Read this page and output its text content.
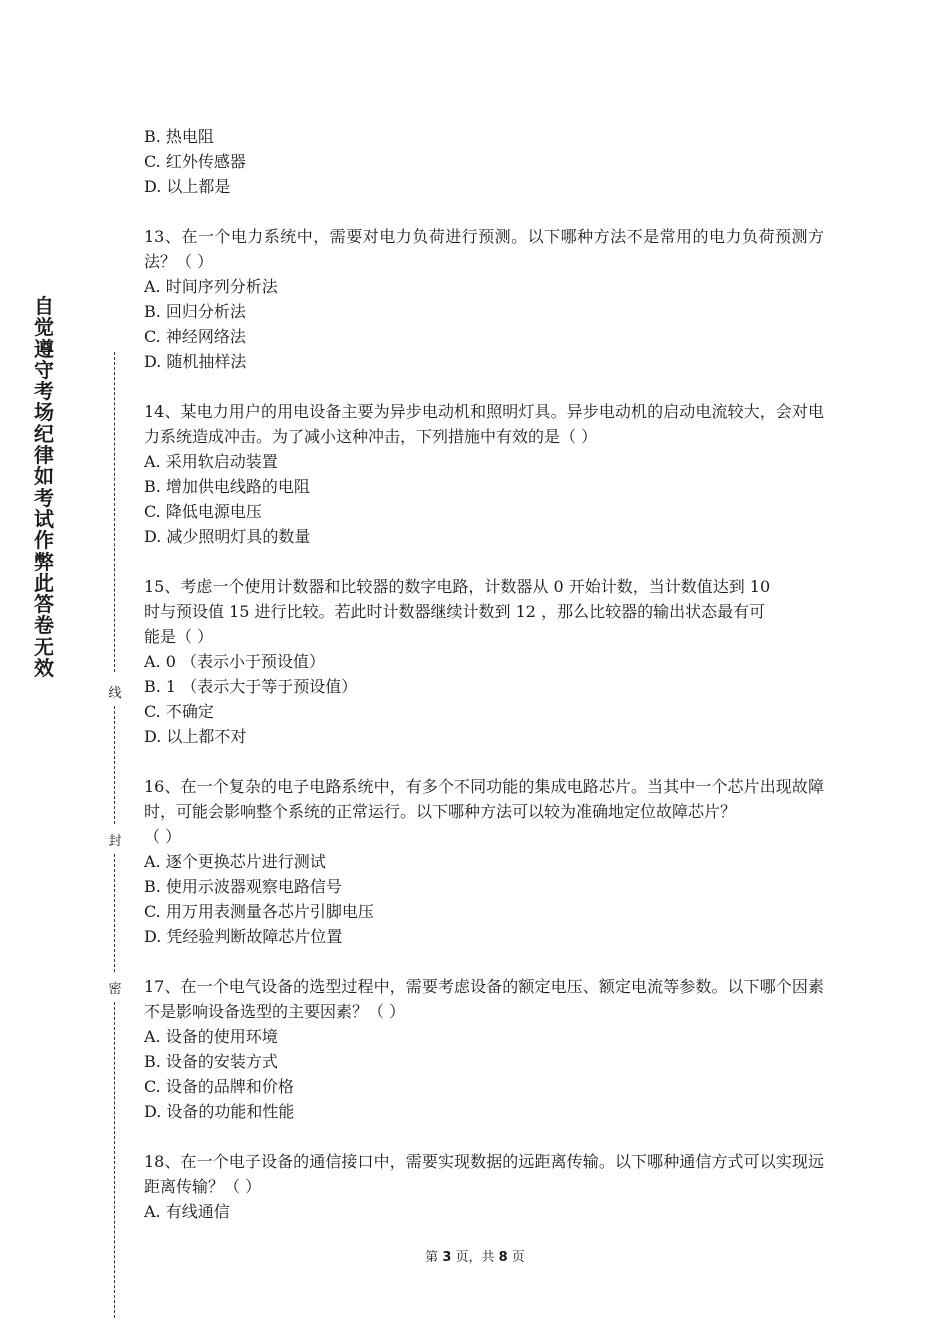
自觉遵守考场纪律如考试作弊此答卷无效
线
封
密

B. 热电阻

C. 红外传感器

D. 以上都是

13、在一个电力系统中，需要对电力负荷进行预测。以下哪种方法不是常用的电力负荷预测方法？（ ）

A. 时间序列分析法

B. 回归分析法

C. 神经网络法

D. 随机抽样法

14、某电力用户的用电设备主要为异步电动机和照明灯具。异步电动机的启动电流较大，会对电力系统造成冲击。为了减小这种冲击，下列措施中有效的是（ ）

A. 采用软启动装置

B. 增加供电线路的电阻

C. 降低电源电压

D. 减少照明灯具的数量

15、考虑一个使用计数器和比较器的数字电路，计数器从 0 开始计数，当计数值达到 10

时与预设值 15 进行比较。若此时计数器继续计数到 12 ，那么比较器的输出状态最有可

能是（ ）

A. 0 （表示小于预设值）

B. 1 （表示大于等于预设值）

C. 不确定

D. 以上都不对

16、在一个复杂的电子电路系统中，有多个不同功能的集成电路芯片。当其中一个芯片出现故障时，可能会影响整个系统的正常运行。以下哪种方法可以较为准确地定位故障芯片？

（ ）

A. 逐个更换芯片进行测试

B. 使用示波器观察电路信号

C. 用万用表测量各芯片引脚电压

D. 凭经验判断故障芯片位置

17、在一个电气设备的选型过程中，需要考虑设备的额定电压、额定电流等参数。以下哪个因素不是影响设备选型的主要因素？（ ）

A. 设备的使用环境

B. 设备的安装方式

C. 设备的品牌和价格

D. 设备的功能和性能

18、在一个电子设备的通信接口中，需要实现数据的远距离传输。以下哪种通信方式可以实现远距离传输？（ ）

A. 有线通信

第 3 页，共 8 页
